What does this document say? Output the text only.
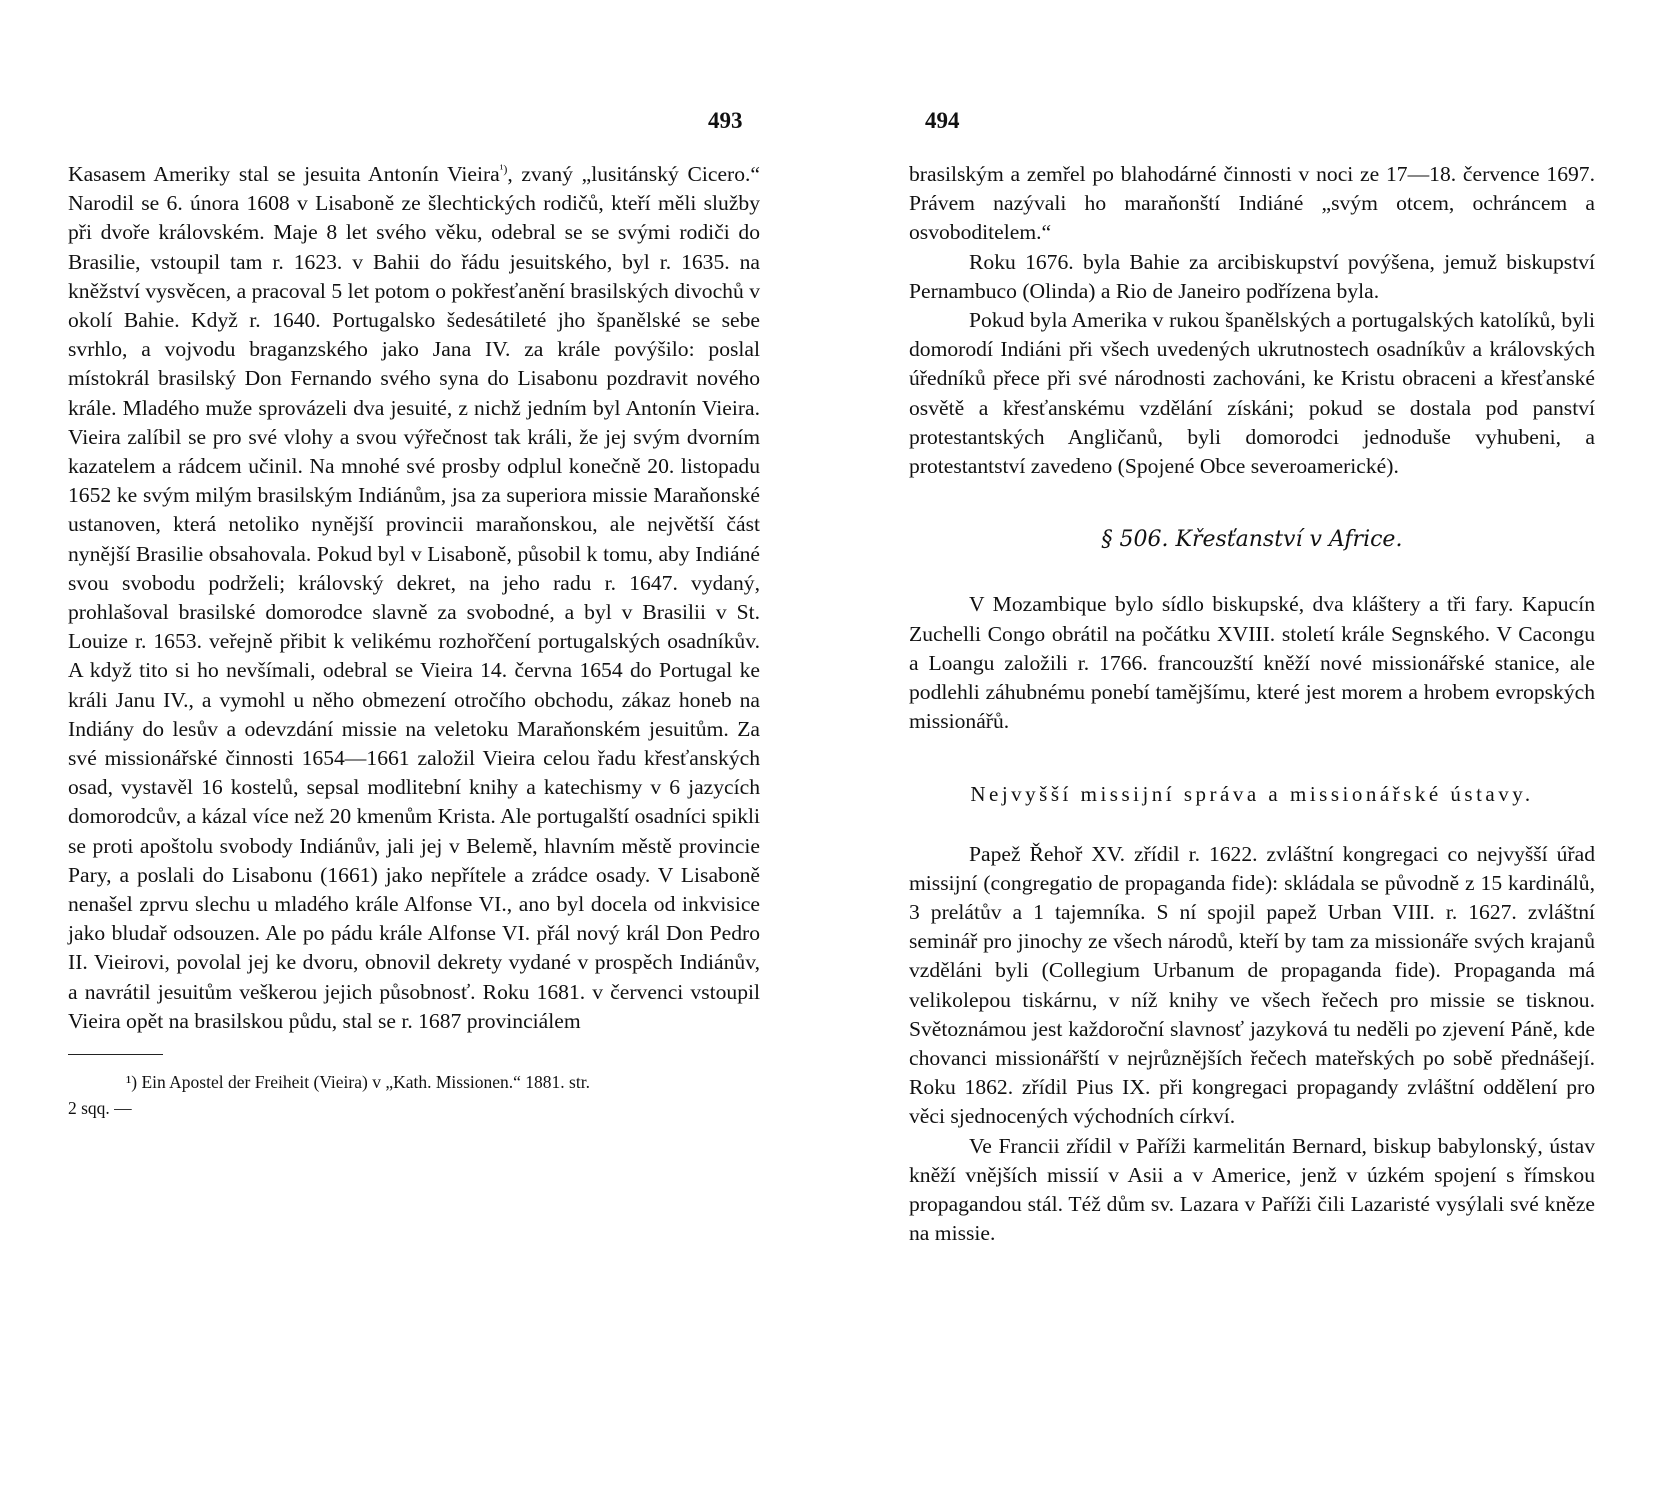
493

Kasasem Ameriky stal se jesuita Antonín Vieira$^{^1)}$, zvaný „lusitánský Cicero.“ Narodil se 6. února 1608 v Lisaboně ze šlechtických rodičů, kteří měli služby při dvoře královském. Maje 8 let svého věku, odebral se se svými rodiči do Brasilie, vstoupil tam r. 1623. v Bahii do řádu jesuitského, byl r. 1635. na kněžství vysvěcen, a pracoval 5 let potom o pokřesťanění brasilských divochů v okolí Bahie. Když r. 1640. Portugalsko šedesátileté jho španělské se sebe svrhlo, a vojvodu braganzského jako Jana IV. za krále povýšilo: poslal místokrál brasilský Don Fernando svého syna do Lisabonu pozdravit nového krále. Mladého muže sprovázeli dva jesuité, z nichž jedním byl Antonín Vieira. Vieira zalíbil se pro své vlohy a svou výřečnost tak králi, že jej svým dvorním kazatelem a rádcem učinil. Na mnohé své prosby odplul konečně 20. listopadu 1652 ke svým milým brasilským Indiánům, jsa za superiora missie Maraňonské ustanoven, která netoliko nynější provincii maraňonskou, ale největší část nynější Brasilie obsahovala. Pokud byl v Lisaboně, působil k tomu, aby Indiáné svou svobodu podrželi; královský dekret, na jeho radu r. 1647. vydaný, prohlašoval brasilské domorodce slavně za svobodné, a byl v Brasilii v St. Louize r. 1653. veřejně přibit k velikému rozhořčení portugalských osadníkův. A když tito si ho nevšímali, odebral se Vieira 14. června 1654 do Portugal ke králi Janu IV., a vymohl u něho obmezení otročího obchodu, zákaz honeb na Indiány do lesův a odevzdání missie na veletoku Maraňonském jesuitům. Za své missionářské činnosti 1654—1661 založil Vieira celou řadu křesťanských osad, vystavěl 16 kostelů, sepsal modlitební knihy a katechismy v 6 jazycích domorodcův, a kázal více než 20 kmenům Krista. Ale portugalští osadníci spikli se proti apoštolu svobody Indiánův, jali jej v Belemě, hlavním městě provincie Pary, a poslali do Lisabonu (1661) jako nepřítele a zrádce osady. V Lisaboně nenašel zprvu slechu u mladého krále Alfonse VI., ano byl docela od inkvisice jako bludař odsouzen. Ale po pádu krále Alfonse VI. přál nový král Don Pedro II. Vieirovi, povolal jej ke dvoru, obnovil dekrety vydané v prospěch Indiánův, a navrátil jesuitům veškerou jejich působnosť. Roku 1681. v červenci vstoupil Vieira opět na brasilskou půdu, stal se r. 1687 provinciálem

¹) Ein Apostel der Freiheit (Vieira) v „Kath. Missionen.“ 1881. str.

2 sqq. —

494

brasilským a zemřel po blahodárné činnosti v noci ze 17—18. července 1697. Právem nazývali ho maraňonští Indiáné „svým otcem, ochráncem a osvoboditelem.“

Roku 1676. byla Bahie za arcibiskupství povýšena, jemuž biskupství Pernambuco (Olinda) a Rio de Janeiro podřízena byla.

Pokud byla Amerika v rukou španělských a portugalských katolíků, byli domorodí Indiáni při všech uvedených ukrutnostech osadníkův a královských úředníků přece při své národnosti zachováni, ke Kristu obraceni a křesťanské osvětě a křesťanskému vzdělání získáni; pokud se dostala pod panství protestantských Angličanů, byli domorodci jednoduše vyhubeni, a protestantství zavedeno (Spojené Obce severoamerické).

§ 506. Křesťanství v Africe.

V Mozambique bylo sídlo biskupské, dva kláštery a tři fary. Kapucín Zuchelli Congo obrátil na počátku XVIII. století krále Segnského. V Cacongu a Loangu založili r. 1766. francouzští kněží nové missionářské stanice, ale podlehli záhubnému ponebí tamějšímu, které jest morem a hrobem evropských missionářů.

Nejvyšší missijní správa a missionářské ústavy.

Papež Řehoř XV. zřídil r. 1622. zvláštní kongregaci co nejvyšší úřad missijní (congregatio de propaganda fide): skládala se původně z 15 kardinálů, 3 prelátův a 1 tajemníka. S ní spojil papež Urban VIII. r. 1627. zvláštní seminář pro jinochy ze všech národů, kteří by tam za missionáře svých krajanů vzděláni byli (Collegium Urbanum de propaganda fide). Propaganda má velikolepou tiskárnu, v níž knihy ve všech řečech pro missie se tisknou. Světoznámou jest každoroční slavnosť jazyková tu neděli po zjevení Páně, kde chovanci missionářští v nejrůznějších řečech mateřských po sobě přednášejí. Roku 1862. zřídil Pius IX. při kongregaci propagandy zvláštní oddělení pro věci sjednocených východních církví.

Ve Francii zřídil v Paříži karmelitán Bernard, biskup babylonský, ústav kněží vnějších missií v Asii a v Americe, jenž v úzkém spojení s římskou propagandou stál. Též dům sv. Lazara v Paříži čili Lazaristé vysýlali své kněze na missie.
